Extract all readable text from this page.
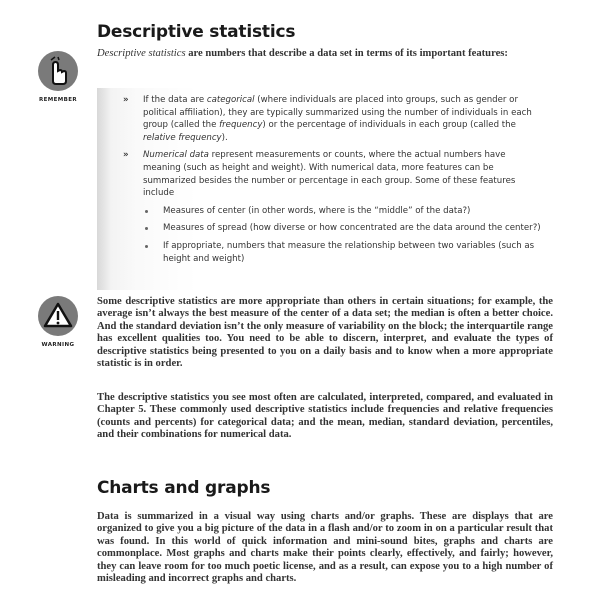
Descriptive statistics
REMEMBER

Descriptive statistics are numbers that describe a data set in terms of its important features:

» If the data are categorical (where individuals are placed into groups, such as gender or political affiliation), they are typically summarized using the number of individuals in each group (called the frequency) or the percentage of individuals in each group (called the relative frequency).
» Numerical data represent measurements or counts, where the actual numbers have meaning (such as height and weight). With numerical data, more features can be summarized besides the number or percentage in each group. Some of these features include
Measures of center (in other words, where is the “middle” of the data?)
Measures of spread (how diverse or how concentrated are the data around the center?)
If appropriate, numbers that measure the relationship between two variables (such as height and weight)
WARNING

Some descriptive statistics are more appropriate than others in certain situations; for example, the average isn’t always the best measure of the center of a data set; the median is often a better choice. And the standard deviation isn’t the only measure of variability on the block; the interquartile range has excellent qualities too. You need to be able to discern, interpret, and evaluate the types of descriptive statistics being presented to you on a daily basis and to know when a more appropriate statistic is in order.

The descriptive statistics you see most often are calculated, interpreted, compared, and evaluated in Chapter 5. These commonly used descriptive statistics include frequencies and relative frequencies (counts and percents) for categorical data; and the mean, median, standard deviation, percentiles, and their combinations for numerical data.

Charts and graphs

Data is summarized in a visual way using charts and/or graphs. These are displays that are organized to give you a big picture of the data in a flash and/or to zoom in on a particular result that was found. In this world of quick information and mini-sound bites, graphs and charts are commonplace. Most graphs and charts make their points clearly, effectively, and fairly; however, they can leave room for too much poetic license, and as a result, can expose you to a high number of misleading and incorrect graphs and charts.
